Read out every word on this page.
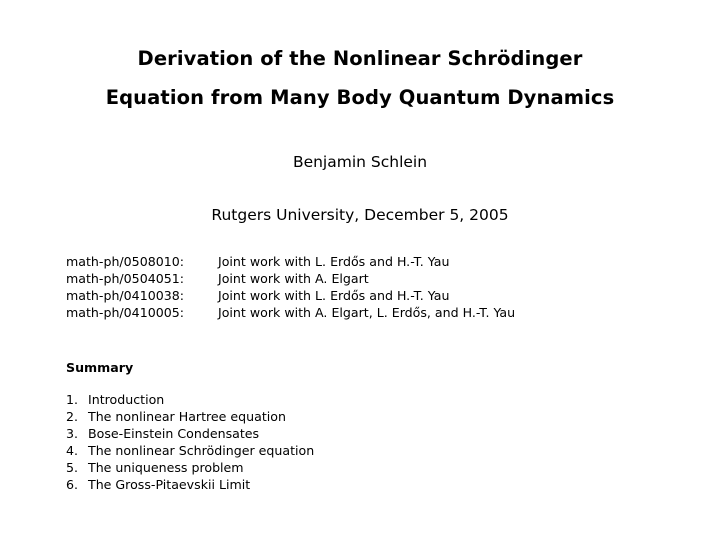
Derivation of the Nonlinear Schrödinger
Equation from Many Body Quantum Dynamics
Benjamin Schlein
Rutgers University, December 5, 2005
math-ph/0508010:	Joint work with L. Erdős and H.-T. Yau
math-ph/0504051:	Joint work with A. Elgart
math-ph/0410038:	Joint work with L. Erdős and H.-T. Yau
math-ph/0410005:	Joint work with A. Elgart, L. Erdős, and H.-T. Yau
Summary
1. Introduction
2. The nonlinear Hartree equation
3. Bose-Einstein Condensates
4. The nonlinear Schrödinger equation
5. The uniqueness problem
6. The Gross-Pitaevskii Limit
